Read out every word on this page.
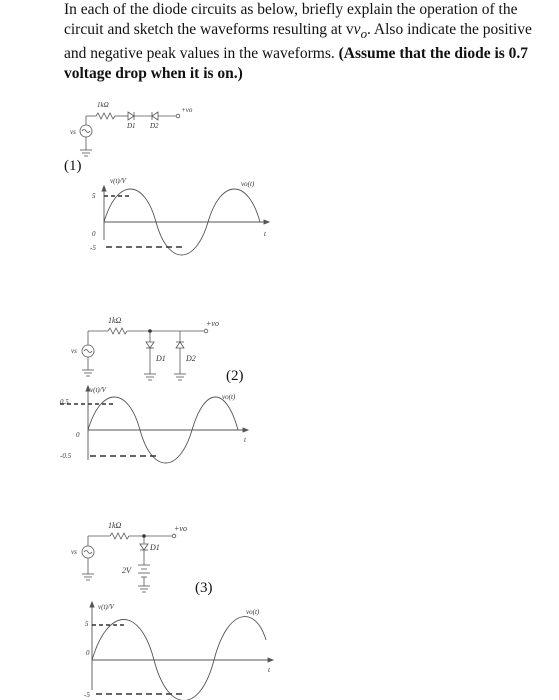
In each of the diode circuits as below, briefly explain the operation of the circuit and sketch the waveforms resulting at $vv_o$. Also indicate the positive and negative peak values in the waveforms. (Assume that the diode is 0.7 voltage drop when it is on.)

1kΩ
vs
+vo
D1 D2
(1)
v(t)/V
5
0
-5
vo(t)
t
1kΩ
vs
+vo
D1	D2
(2)
v(t)/V
0.5
0
-0.5
vo(t)
t
1kΩ
vs
+vo
D1
2V
(3)
v(t)/V
5
0
-5
vo(t)
t
